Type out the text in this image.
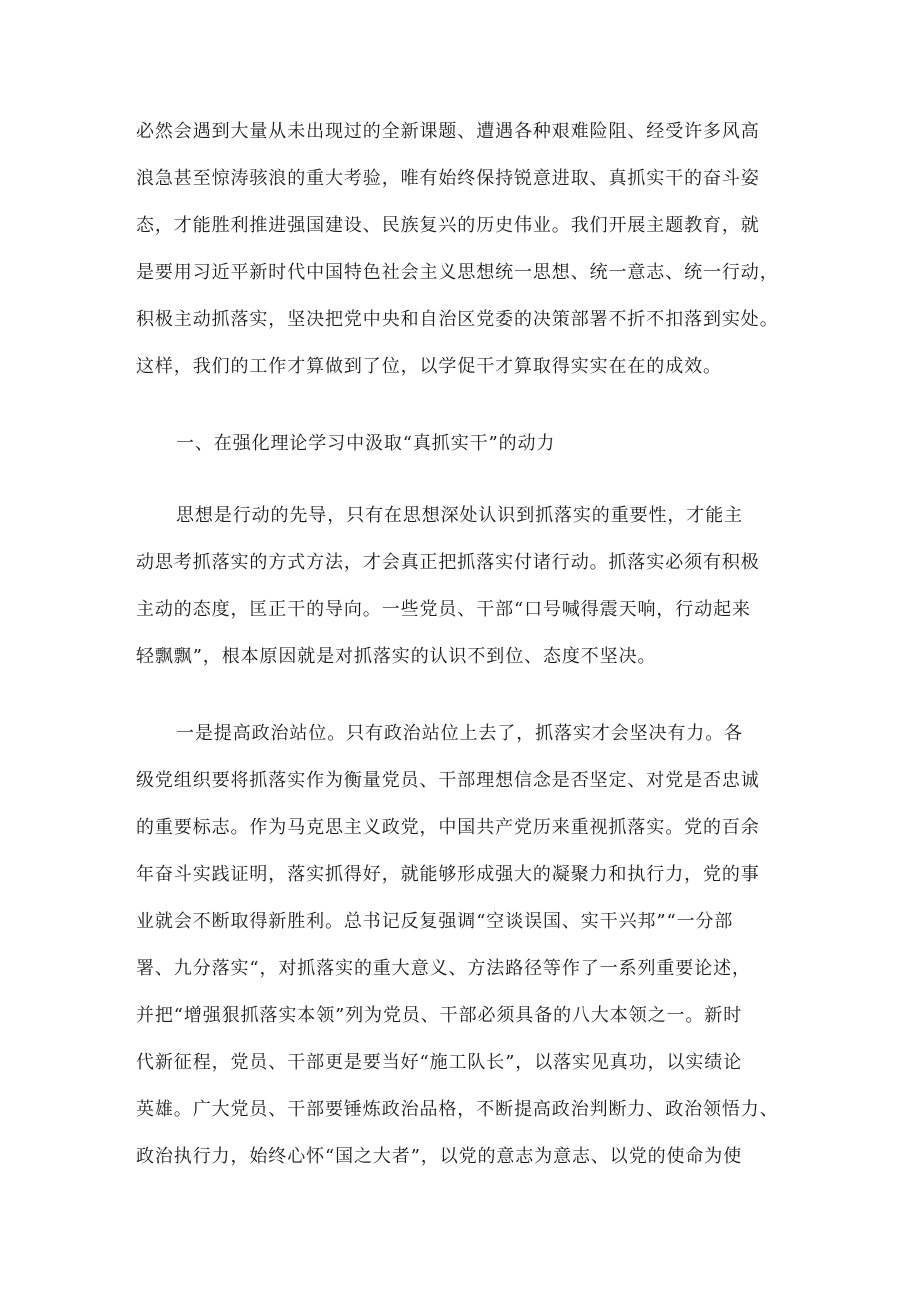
必然会遇到大量从未出现过的全新课题、遭遇各种艰难险阻、经受许多风高
浪急甚至惊涛骇浪的重大考验，唯有始终保持锐意进取、真抓实干的奋斗姿
态，才能胜利推进强国建设、民族复兴的历史伟业。我们开展主题教育，就
是要用习近平新时代中国特色社会主义思想统一思想、统一意志、统一行动，
积极主动抓落实，坚决把党中央和自治区党委的决策部署不折不扣落到实处。
这样，我们的工作才算做到了位，以学促干才算取得实实在在的成效。
一、在强化理论学习中汲取“真抓实干”的动力
思想是行动的先导，只有在思想深处认识到抓落实的重要性，才能主
动思考抓落实的方式方法，才会真正把抓落实付诸行动。抓落实必须有积极
主动的态度，匡正干的导向。一些党员、干部“口号喊得震天响，行动起来
轻飘飘”，根本原因就是对抓落实的认识不到位、态度不坚决。
一是提高政治站位。只有政治站位上去了，抓落实才会坚决有力。各
级党组织要将抓落实作为衡量党员、干部理想信念是否坚定、对党是否忠诚
的重要标志。作为马克思主义政党，中国共产党历来重视抓落实。党的百余
年奋斗实践证明，落实抓得好，就能够形成强大的凝聚力和执行力，党的事
业就会不断取得新胜利。总书记反复强调“空谈误国、实干兴邦”“一分部
署、九分落实“，对抓落实的重大意义、方法路径等作了一系列重要论述，
并把“增强狠抓落实本领”列为党员、干部必须具备的八大本领之一。新时
代新征程，党员、干部更是要当好“施工队长”，以落实见真功，以实绩论
英雄。广大党员、干部要锤炼政治品格，不断提高政治判断力、政治领悟力、
政治执行力，始终心怀“国之大者”，以党的意志为意志、以党的使命为使
